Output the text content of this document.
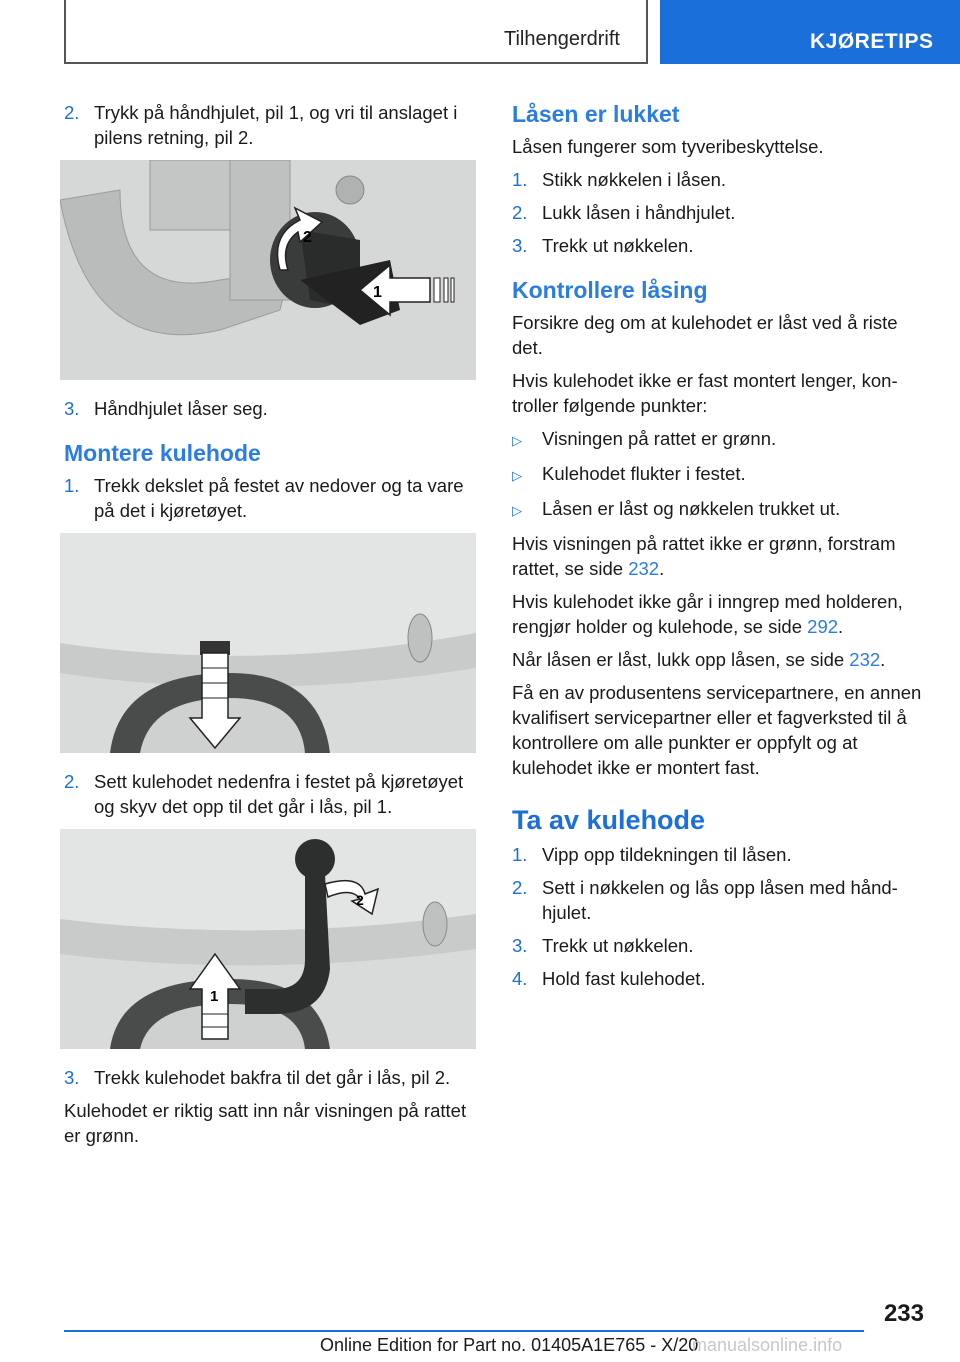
Tilhengerdrift	KJØRETIPS
2. Trykk på håndhjulet, pil 1, og vri til anslaget i pilens retning, pil 2.
2
1
3. Håndhjulet låser seg.
Montere kulehode
1. Trekk dekslet på festet av nedover og ta vare på det i kjøretøyet.
2. Sett kulehodet nedenfra i festet på kjøretøyet og skyv det opp til det går i lås, pil 1.
2
1
3. Trekk kulehodet bakfra til det går i lås, pil 2.

Kulehodet er riktig satt inn når visningen på rattet er grønn.

Låsen er lukket

Låsen fungerer som tyveribeskyttelse.

1. Stikk nøkkelen i låsen.
2. Lukk låsen i håndhjulet.
3. Trekk ut nøkkelen.
Kontrollere låsing

Forsikre deg om at kulehodet er låst ved å riste det.

Hvis kulehodet ikke er fast montert lenger, kontroller følgende punkter:

▷	Visningen på rattet er grønn.
▷	Kulehodet flukter i festet.
▷	Låsen er låst og nøkkelen trukket ut.

Hvis visningen på rattet ikke er grønn, forstram rattet, se side 232.

Hvis kulehodet ikke går i inngrep med holderen, rengjør holder og kulehode, se side 292.

Når låsen er låst, lukk opp låsen, se side 232.

Få en av produsentens servicepartnere, en annen kvalifisert servicepartner eller et fagverksted til å kontrollere om alle punkter er oppfylt og at kulehodet ikke er montert fast.

Ta av kulehode
1. Vipp opp tildekningen til låsen.
2. Sett i nøkkelen og lås opp låsen med håndhjulet.
3. Trekk ut nøkkelen.
4. Hold fast kulehodet.
233
Online Edition for Part no. 01405A1E765 - X/20
manualsonline.info
